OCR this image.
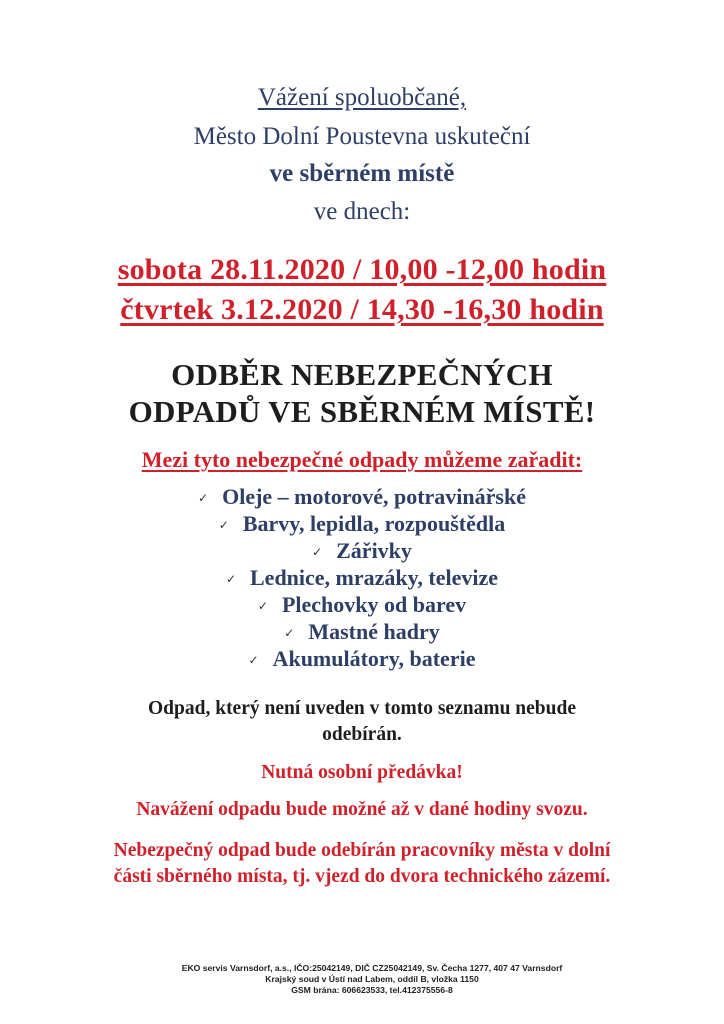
Vážení spoluobčané,
Město Dolní Poustevna uskuteční
ve sběrném místě
ve dnech:
sobota 28.11.2020 / 10,00 -12,00 hodin
čtvrtek 3.12.2020 / 14,30 -16,30 hodin
ODBĚR NEBEZPEČNÝCH
ODPADŮ VE SBĚRNÉM MÍSTĚ!
Mezi tyto nebezpečné odpady můžeme zařadit:
✓ Oleje – motorové, potravinářské
✓ Barvy, lepidla, rozpouštědla
✓ Zářivky
✓ Lednice, mrazáky, televize
✓ Plechovky od barev
✓ Mastné hadry
✓ Akumulátory, baterie
Odpad, který není uveden v tomto seznamu nebude odebírán.
Nutná osobní předávka!
Navážení odpadu bude možné až v dané hodiny svozu.
Nebezpečný odpad bude odebírán pracovníky města v dolní části sběrného místa, tj. vjezd do dvora technického zázemí.
EKO servis Varnsdorf, a.s., IČO:25042149, DIČ CZ25042149, Sv. Čecha 1277, 407 47 Varnsdorf
Krajský soud v Ústí nad Labem, oddíl B, vložka 1150
GSM brána: 606623533, tel.412375556-8
